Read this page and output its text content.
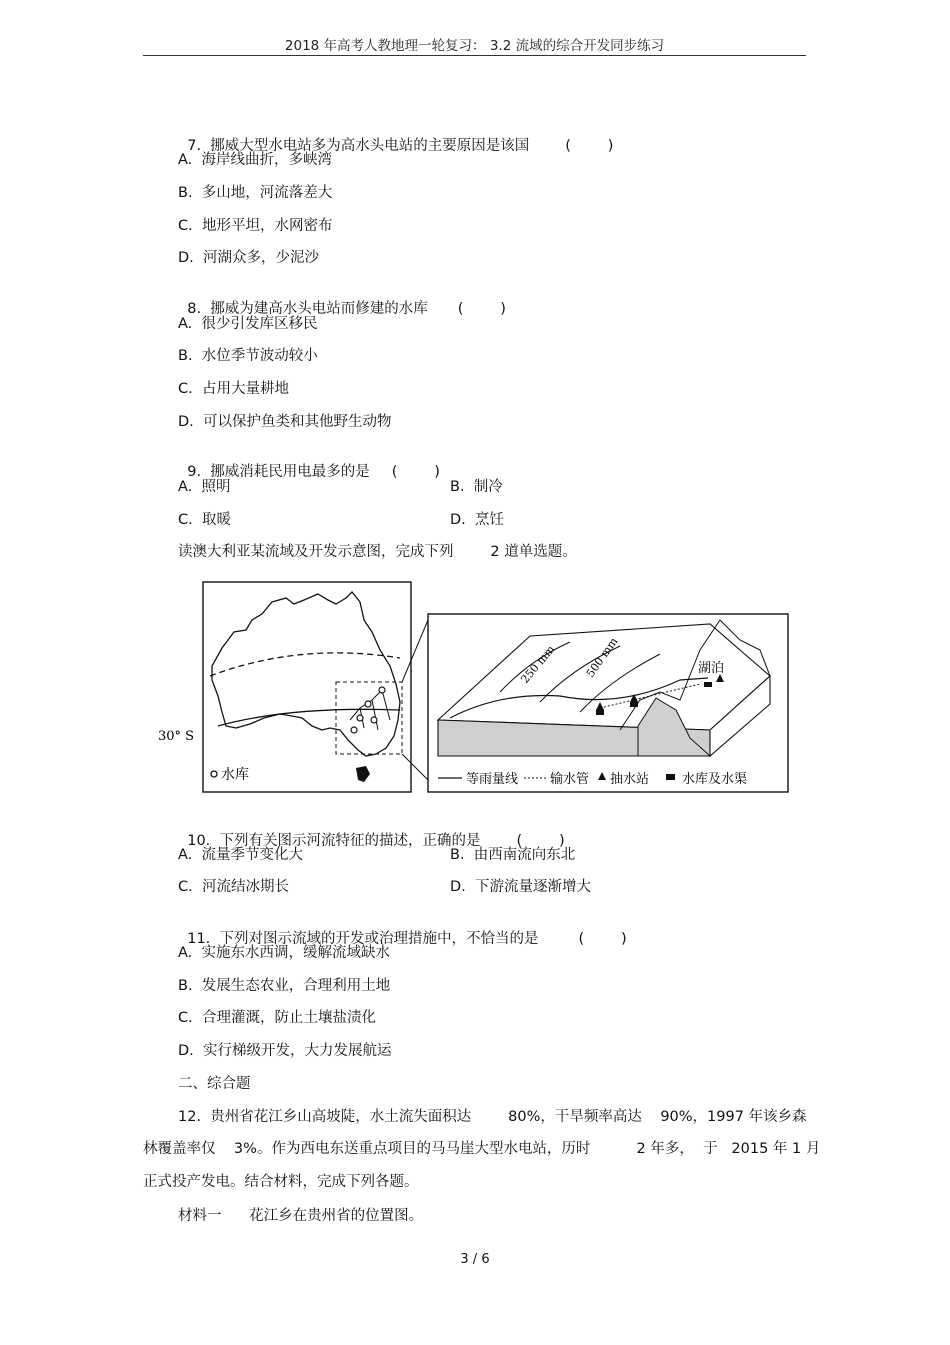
2018 年高考人教地理一轮复习： 3.2 流域的综合开发同步练习

7.  挪威大型水电站多为高水头电站的主要原因是该国 (        )

A.  海岸线曲折，多峡湾
B.  多山地，河流落差大
C.  地形平坦，水网密布
D.  河湖众多，少泥沙

8.  挪威为建高水头电站而修建的水库 (        )

A.  很少引发库区移民
B.  水位季节波动较小
C.  占用大量耕地
D.  可以保护鱼类和其他野生动物

9.  挪威消耗民用电最多的是 (        )

A.  照明	B.  制冷
C.  取暖	D.  烹饪
读澳大利亚某流域及开发示意图，完成下列        2 道单选题。
水库
30° S
250 mm 500 mm	湖泊
等雨量线 输水管 抽水站	水库及水渠

10.  下列有关图示河流特征的描述，正确的是 (        )

A.  流量季节变化大	B.  由西南流向东北
C.  河流结冰期长	D.  下游流量逐渐增大

11.  下列对图示流域的开发或治理措施中，不恰当的是	(        )

A.  实施东水西调，缓解流域缺水
B.  发展生态农业，合理利用土地
C.  合理灌溉，防止土壤盐渍化
D.  实行梯级开发，大力发展航运
二、综合题
12.  贵州省花江乡山高坡陡，水土流失面积达        80%，干旱频率高达    90%，1997 年该乡森
林覆盖率仅    3%。作为西电东送重点项目的马马崖大型水电站，历时          2 年多，  于   2015 年 1 月
正式投产发电。结合材料，完成下列各题。
材料一      花江乡在贵州省的位置图。
3 / 6
